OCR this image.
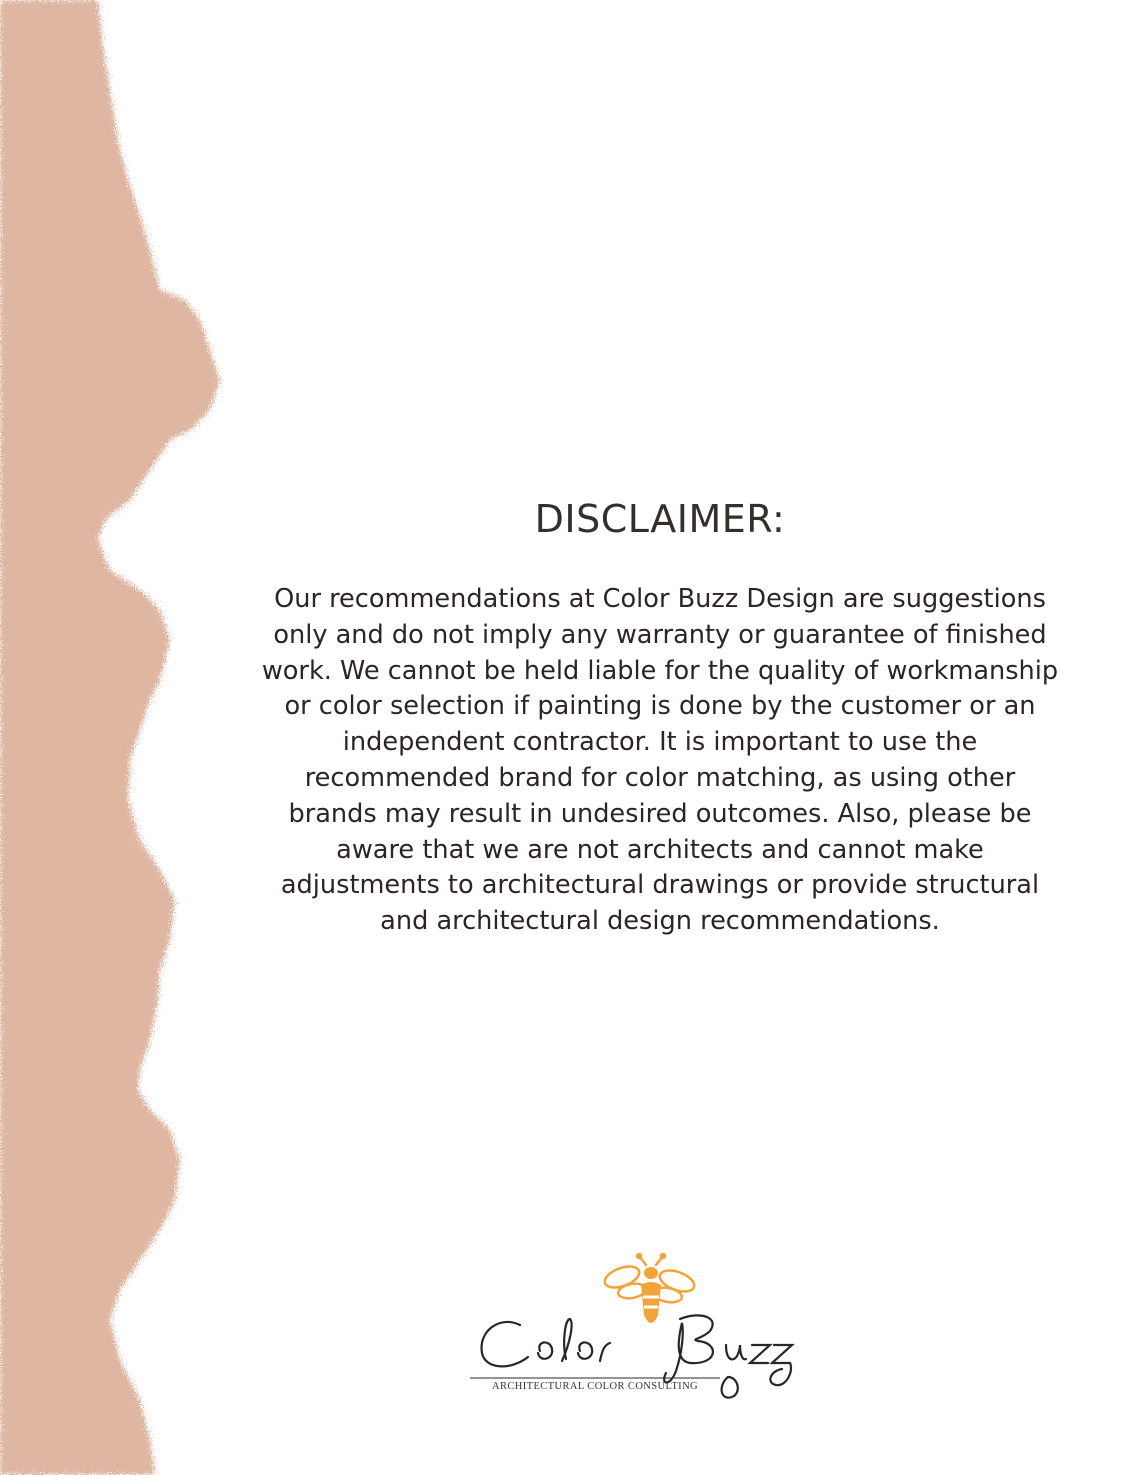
DISCLAIMER:

Our recommendations at Color Buzz Design are suggestions only and do not imply any warranty or guarantee of finished work. We cannot be held liable for the quality of workmanship or color selection if painting is done by the customer or an independent contractor. It is important to use the recommended brand for color matching, as using other brands may result in undesired outcomes. Also, please be aware that we are not architects and cannot make adjustments to architectural drawings or provide structural and architectural design recommendations.

ARCHITECTURAL COLOR CONSULTING
